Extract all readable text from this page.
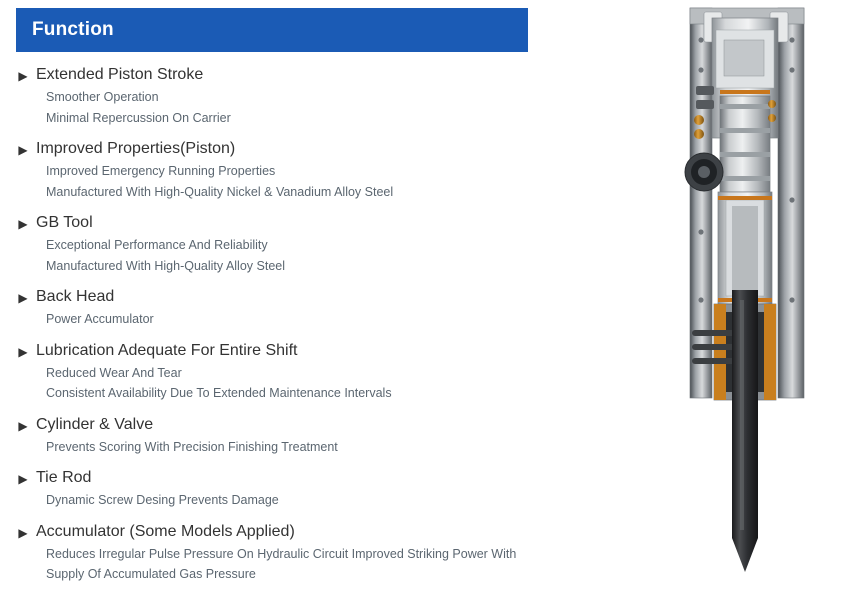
Function
▶ Extended Piston Stroke
Smoother Operation
Minimal Repercussion On Carrier
▶ Improved Properties(Piston)
Improved Emergency Running Properties
Manufactured With High-Quality Nickel & Vanadium Alloy Steel
▶ GB Tool
Exceptional Performance And Reliability
Manufactured With High-Quality Alloy Steel
▶ Back Head
Power Accumulator
▶ Lubrication Adequate For Entire Shift
Reduced Wear And Tear
Consistent Availability Due To Extended Maintenance Intervals
▶ Cylinder & Valve
Prevents Scoring With Precision Finishing Treatment
▶ Tie Rod
Dynamic Screw Desing Prevents Damage
▶ Accumulator (Some Models Applied)
Reduces Irregular Pulse Pressure On Hydraulic Circuit Improved Striking Power With
Supply Of Accumulated Gas Pressure
